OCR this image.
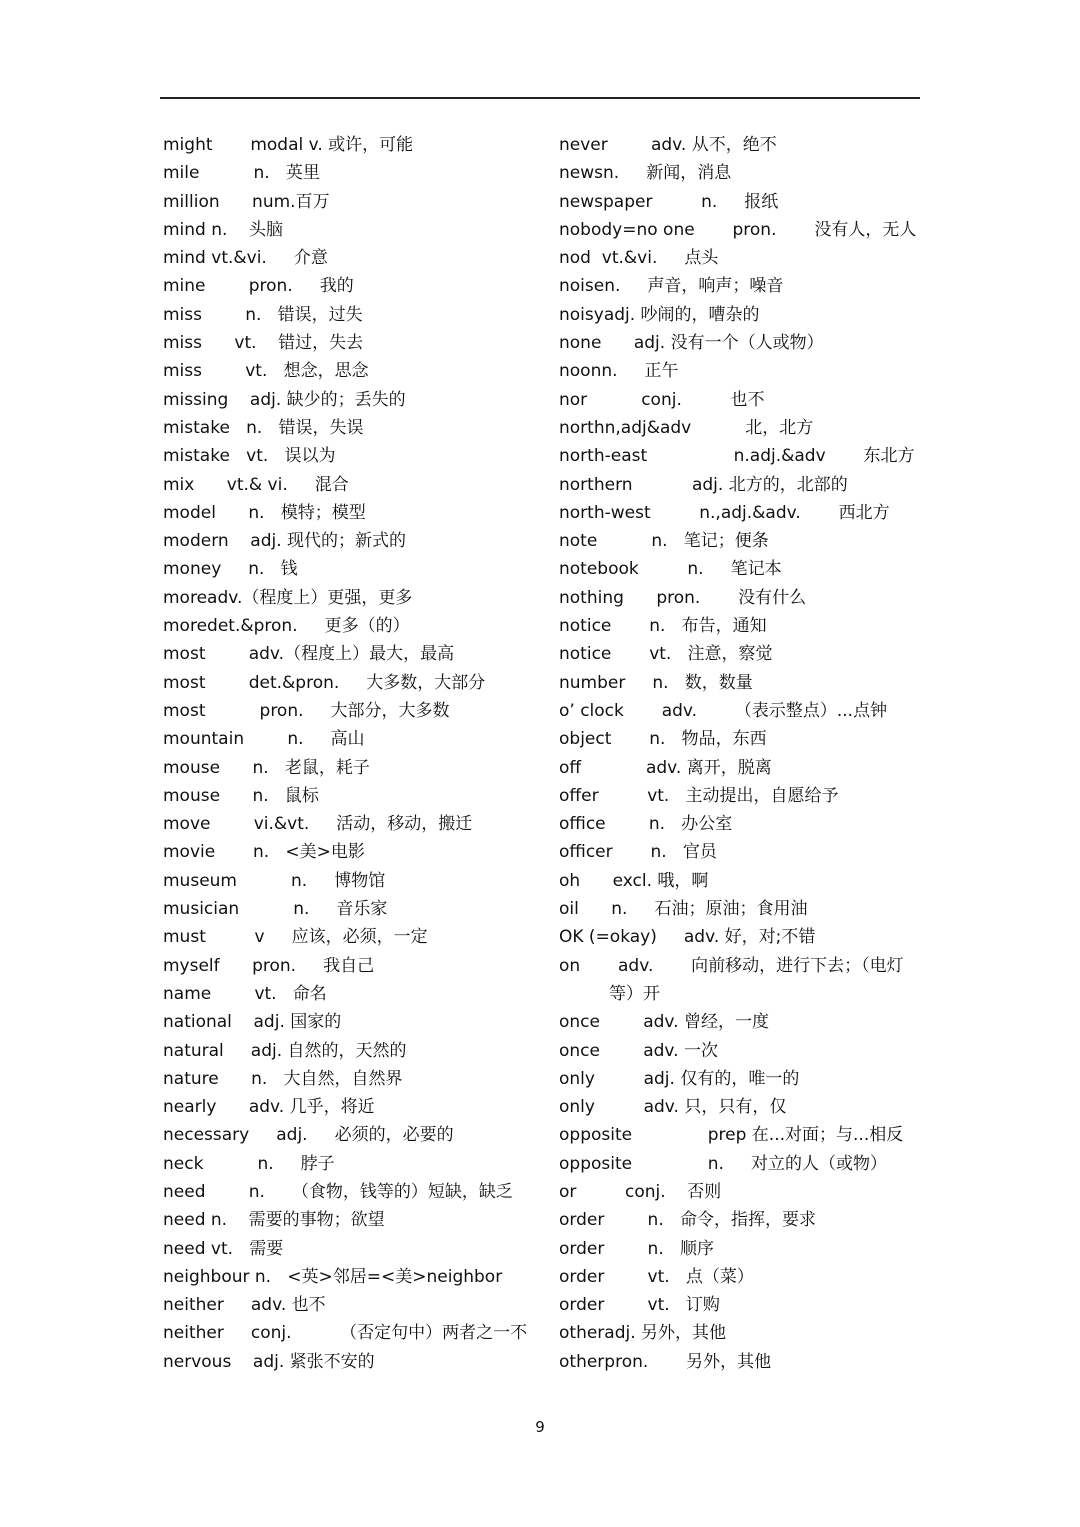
might       modal v. 或许，可能
mile          n.   英里
million      num.百万
mind n.    头脑
mind vt.&vi.     介意
mine        pron.     我的
miss        n.   错误，过失
miss      vt.    错过，失去
miss        vt.   想念，思念
missing    adj. 缺少的；丢失的
mistake   n.   错误，失误
mistake   vt.   误以为
mix      vt.& vi.     混合
model      n.   模特；模型
modern    adj. 现代的；新式的
money     n.   钱
moreadv.（程度上）更强，更多
moredet.&pron.     更多（的）
most        adv.（程度上）最大，最高
most        det.&pron.     大多数，大部分
most          pron.     大部分，大多数
mountain        n.     高山
mouse      n.   老鼠，耗子
mouse      n.   鼠标
move        vi.&vt.     活动，移动，搬迁
movie       n.   <美>电影
museum          n.     博物馆
musician          n.     音乐家
must         v     应该，必须，一定
myself      pron.     我自己
name        vt.   命名
national    adj. 国家的
natural     adj. 自然的，天然的
nature      n.   大自然，自然界
nearly      adv. 几乎，将近
necessary     adj.     必须的，必要的
neck          n.     脖子
need        n.     （食物，钱等的）短缺，缺乏
need n.    需要的事物；欲望
need vt.   需要
neighbour n.   <英>邻居=<美>neighbor
neither     adv. 也不
neither     conj.         （否定句中）两者之一不
nervous    adj. 紧张不安的
never        adv. 从不，绝不
newsn.     新闻，消息
newspaper         n.     报纸
nobody=no one       pron.       没有人，无人
nod  vt.&vi.     点头
noisen.     声音，响声；噪音
noisyadj. 吵闹的，嘈杂的
none      adj. 没有一个（人或物）
noonn.     正午
nor          conj.         也不
northn,adj&adv          北，北方
north-east                n.adj.&adv       东北方
northern           adj. 北方的，北部的
north-west         n.,adj.&adv.       西北方
note          n.   笔记；便条
notebook         n.     笔记本
nothing      pron.       没有什么
notice       n.   布告，通知
notice       vt.   注意，察觉
number     n.   数，数量
o’ clock       adv.       （表示整点）...点钟
object       n.   物品，东西
off            adv. 离开，脱离
offer         vt.   主动提出，自愿给予
office        n.   办公室
officer       n.   官员
oh      excl. 哦，啊
oil      n.     石油；原油；食用油
OK (=okay)     adv. 好，对;不错
on       adv.       向前移动，进行下去；（电灯
等）开
once        adv. 曾经，一度
once        adv. 一次
only         adj. 仅有的，唯一的
only         adv. 只，只有，仅
opposite              prep 在...对面；与...相反
opposite              n.     对立的人（或物）
or         conj.    否则
order        n.   命令，指挥，要求
order        n.   顺序
order        vt.   点（菜）
order        vt.   订购
otheradj. 另外，其他
otherpron.       另外，其他
9
